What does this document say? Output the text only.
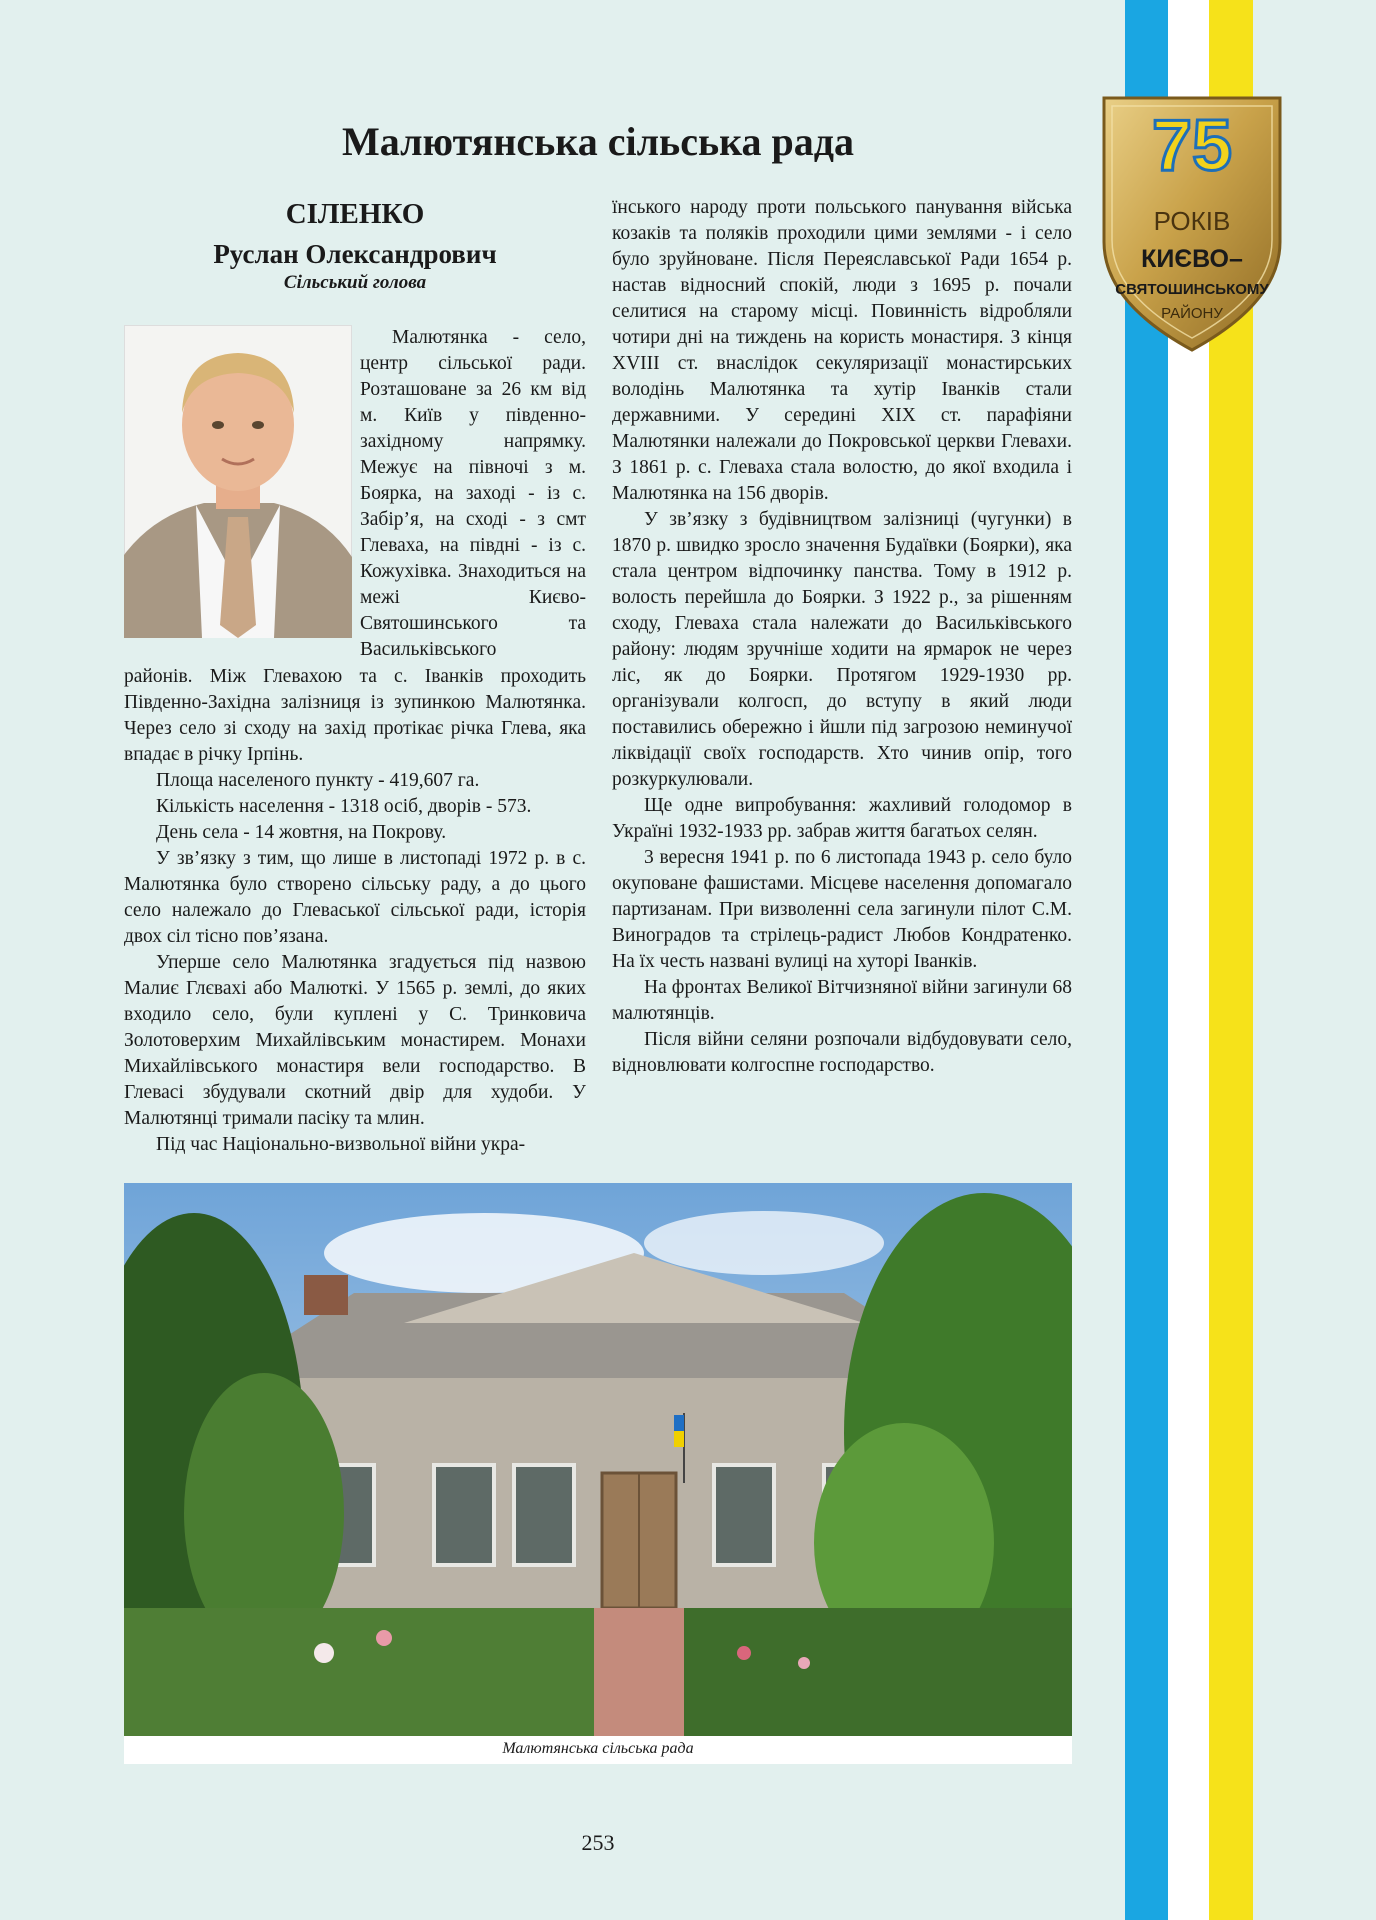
75
РОКІВ
КИЄВО–
СВЯТОШИНСЬКОМУ
РАЙОНУ
Малютянська сільська рада
СІЛЕНКО
Руслан Олександрович
Сільський голова

Малютянка - село, центр сільської ради. Розташоване за 26 км від м. Київ у південно-західному напрямку. Межує на півночі з м. Боярка, на заході - із с. Забір’я, на сході - з смт Глеваха, на півдні - із с. Кожухівка. Знаходиться на межі Києво-Святошинського та Васильківського

районів. Між Глевахою та с. Іванків проходить Південно-Західна залізниця із зупинкою Малютянка. Через село зі сходу на захід протікає річка Глева, яка впадає в річку Ірпінь.

Площа населеного пункту - 419,607 га.

Кількість населення - 1318 осіб, дворів - 573.

День села - 14 жовтня, на Покрову.

У зв’язку з тим, що лише в листопаді 1972 р. в с. Малютянка було створено сільську раду, а до цього село належало до Глевaської сільської ради, історія двох сіл тісно пов’язана.

Уперше село Малютянка згадується під назвою Малиє Глєвахі або Малюткі. У 1565 р. землі, до яких входило село, були куплені у С. Тринковича Золотоверхим Михайлівським монастирем. Монахи Михайлівського монастиря вели господарство. В Глевасі збудували скотний двір для худоби. У Малютянці тримали пасіку та млин.

Під час Національно-визвольної війни укра-

їнського народу проти польського панування війська козаків та поляків проходили цими землями - і село було зруйноване. Після Переяславської Ради 1654 р. настав відносний спокій, люди з 1695 р. почали селитися на старому місці. Повинність відробляли чотири дні на тиждень на користь монастиря. З кінця XVIII ст. внаслідок секуляризації монастирських володінь Малютянка та хутір Іванків стали державними. У середині ХІХ ст. парафіяни Малютянки належали до Покровської церкви Глевахи. З 1861 р. с. Глеваха стала волостю, до якої входила і Малютянка на 156 дворів.

У зв’язку з будівництвом залізниці (чугунки) в 1870 р. швидко зросло значення Будаївки (Боярки), яка стала центром відпочинку панства. Тому в 1912 р. волость перейшла до Боярки. З 1922 р., за рішенням сходу, Глеваха стала належати до Васильківського району: людям зручніше ходити на ярмарок не через ліс, як до Боярки. Протягом 1929-1930 рр. організували колгосп, до вступу в який люди поставились обережно і йшли під загрозою неминучої ліквідації своїх господарств. Хто чинив опір, того розкуркулювали.

Ще одне випробування: жахливий голодомор в Україні 1932-1933 рр. забрав життя багатьох селян.

3 вересня 1941 р. по 6 листопада 1943 р. село було окуповане фашистами. Місцеве населення допомагало партизанам. При визволенні села загинули пілот С.М. Виноградов та стрілець-радист Любов Кондратенко. На їх честь названі вулиці на хуторі Іванків.

На фронтах Великої Вітчизняної війни загинули 68 малютянців.

Після війни селяни розпочали відбудовувати село, відновлювати колгоспне господарство.

Малютянська сільська рада
253
